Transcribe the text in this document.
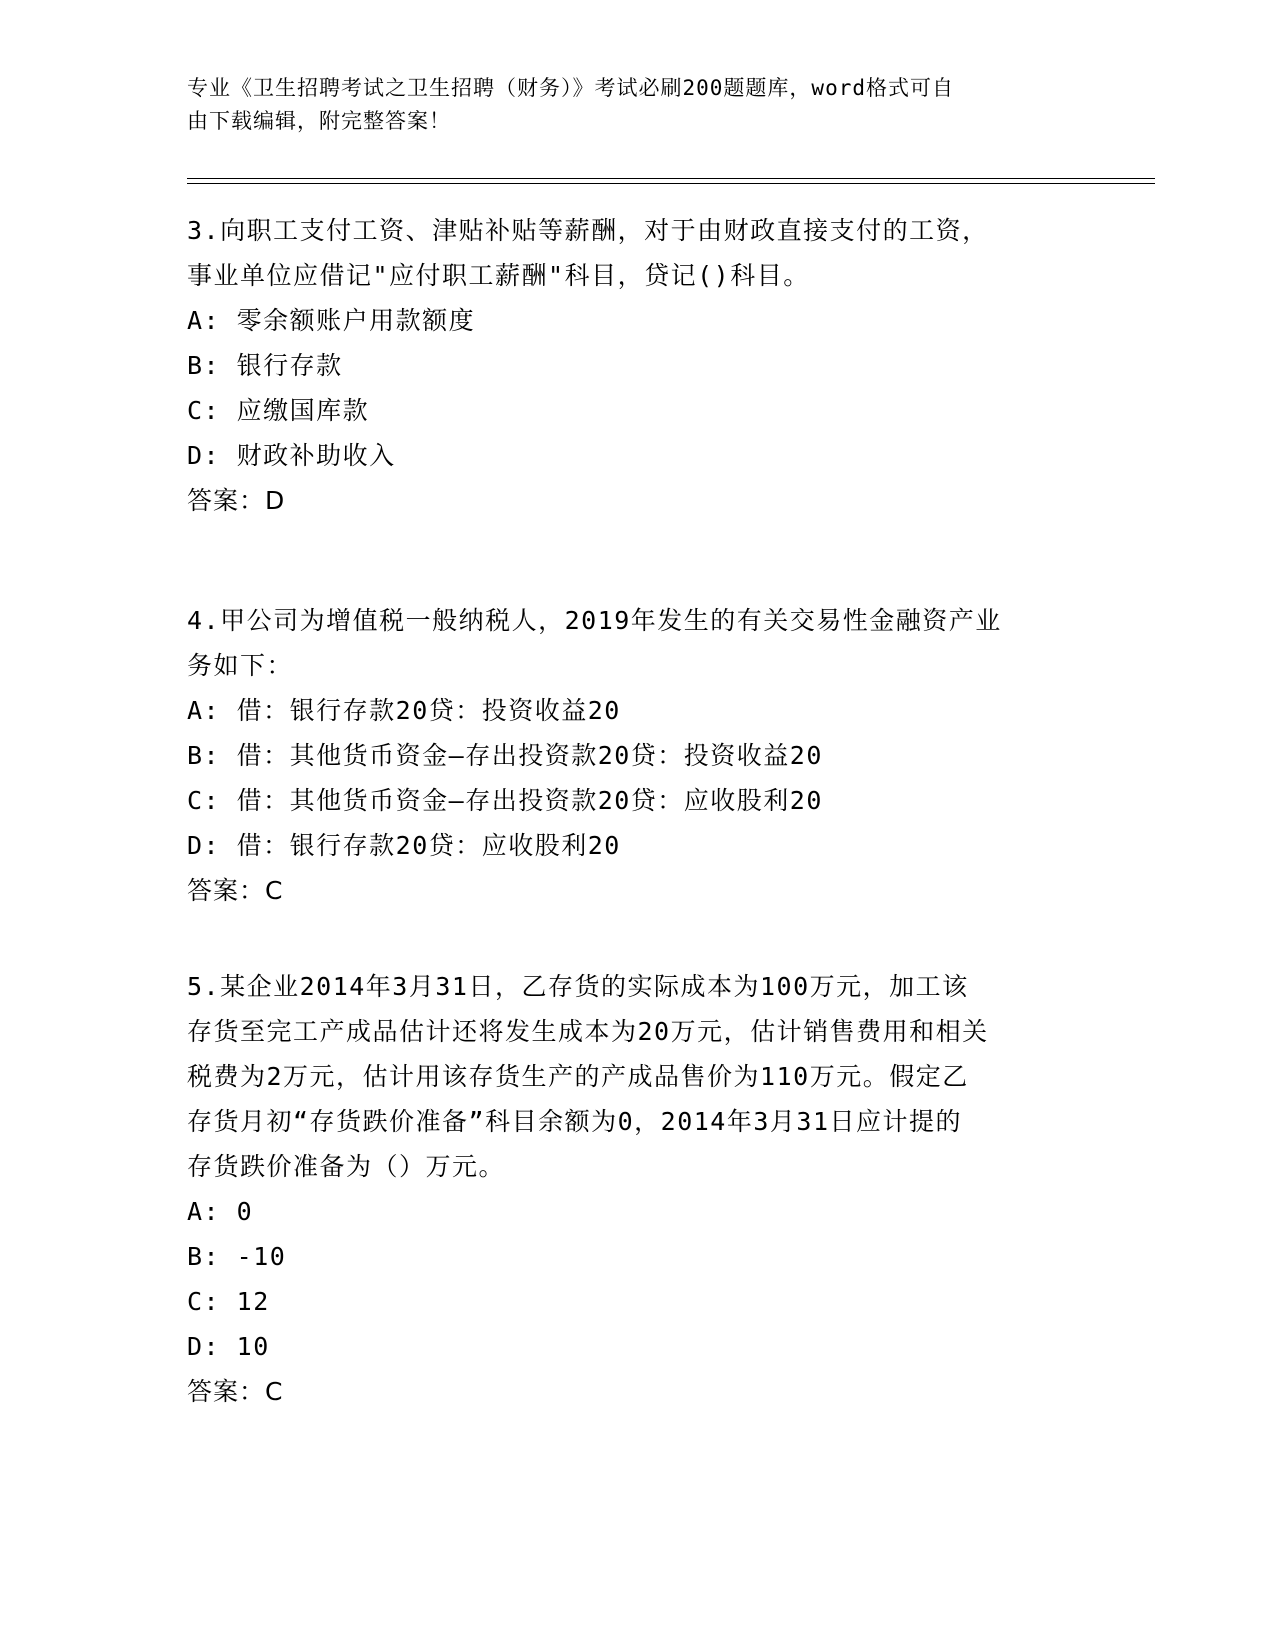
专业《卫生招聘考试之卫生招聘（财务）》考试必刷200题题库，word格式可自
由下载编辑，附完整答案！

3.向职工支付工资、津贴补贴等薪酬，对于由财政直接支付的工资，

事业单位应借记"应付职工薪酬"科目，贷记()科目。

A: 零余额账户用款额度

B: 银行存款

C: 应缴国库款

D: 财政补助收入

答案：D

4.甲公司为增值税一般纳税人，2019年发生的有关交易性金融资产业

务如下：

A: 借：银行存款20贷：投资收益20

B: 借：其他货币资金—存出投资款20贷：投资收益20

C: 借：其他货币资金—存出投资款20贷：应收股利20

D: 借：银行存款20贷：应收股利20

答案：C

5.某企业2014年3月31日，乙存货的实际成本为100万元，加工该

存货至完工产成品估计还将发生成本为20万元，估计销售费用和相关

税费为2万元，估计用该存货生产的产成品售价为110万元。假定乙

存货月初“存货跌价准备”科目余额为0，2014年3月31日应计提的

存货跌价准备为（）万元。

A: 0

B: -10

C: 12

D: 10

答案：C
